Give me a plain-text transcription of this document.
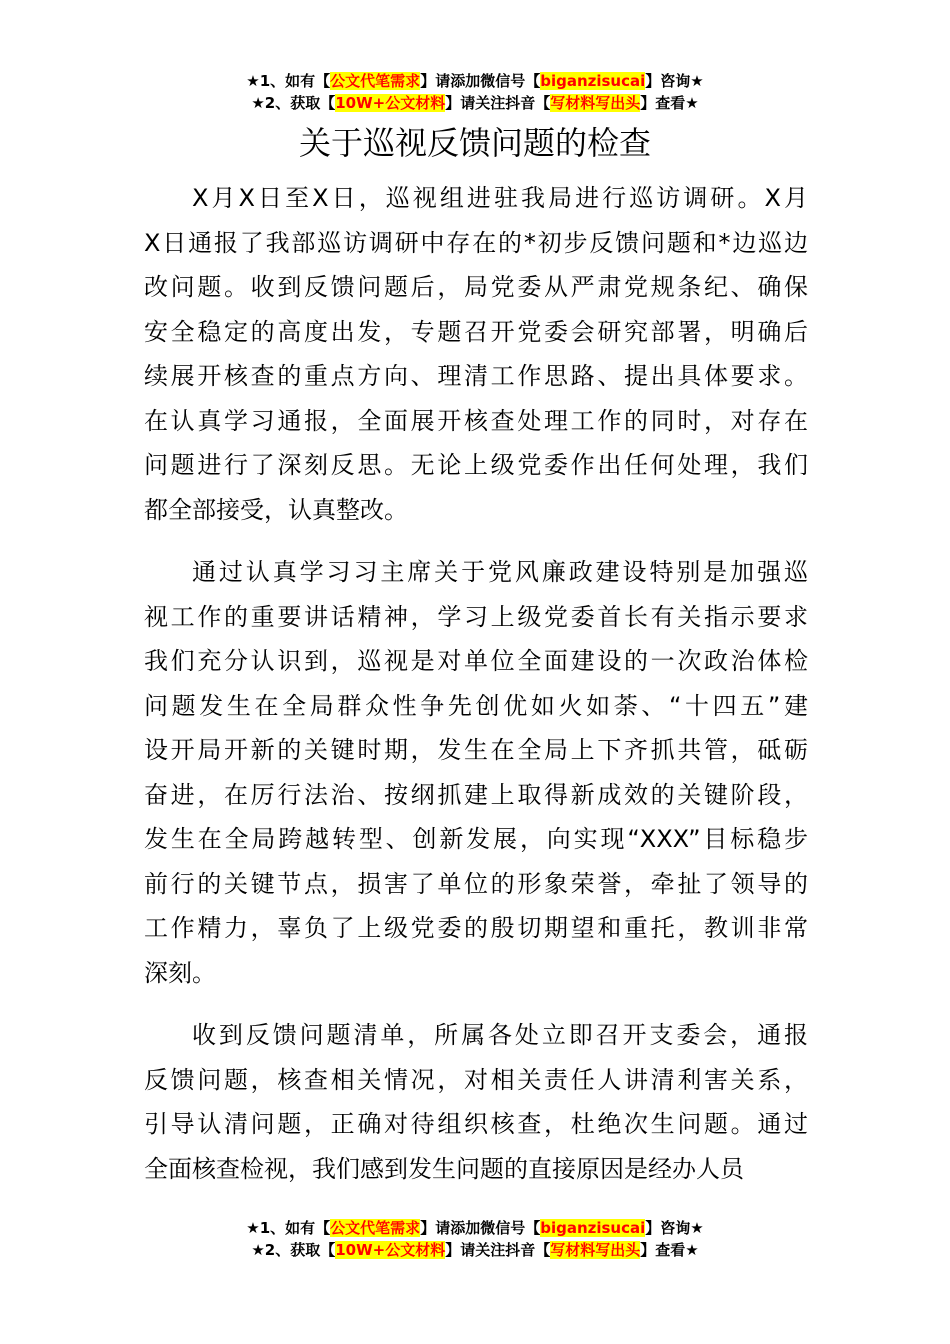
★1、如有【公文代笔需求】请添加微信号【biganzisucai】咨询★
★2、获取【10W+公文材料】请关注抖音【写材料写出头】查看★
关于巡视反馈问题的检查
X月X日至X日，巡视组进驻我局进行巡访调研。X月
X日通报了我部巡访调研中存在的*初步反馈问题和*边巡边
改问题。收到反馈问题后，局党委从严肃党规条纪、确保
安全稳定的高度出发，专题召开党委会研究部署，明确后
续展开核查的重点方向、理清工作思路、提出具体要求。
在认真学习通报，全面展开核查处理工作的同时，对存在
问题进行了深刻反思。无论上级党委作出任何处理，我们
都全部接受，认真整改。
通过认真学习习主席关于党风廉政建设特别是加强巡
视工作的重要讲话精神，学习上级党委首长有关指示要求
我们充分认识到，巡视是对单位全面建设的一次政治体检
问题发生在全局群众性争先创优如火如荼、“十四五”建
设开局开新的关键时期，发生在全局上下齐抓共管，砥砺
奋进，在厉行法治、按纲抓建上取得新成效的关键阶段，
发生在全局跨越转型、创新发展，向实现“XXX”目标稳步
前行的关键节点，损害了单位的形象荣誉，牵扯了领导的
工作精力，辜负了上级党委的殷切期望和重托，教训非常
深刻。
收到反馈问题清单，所属各处立即召开支委会，通报
反馈问题，核查相关情况，对相关责任人讲清利害关系，
引导认清问题，正确对待组织核查，杜绝次生问题。通过
全面核查检视，我们感到发生问题的直接原因是经办人员
★1、如有【公文代笔需求】请添加微信号【biganzisucai】咨询★
★2、获取【10W+公文材料】请关注抖音【写材料写出头】查看★
